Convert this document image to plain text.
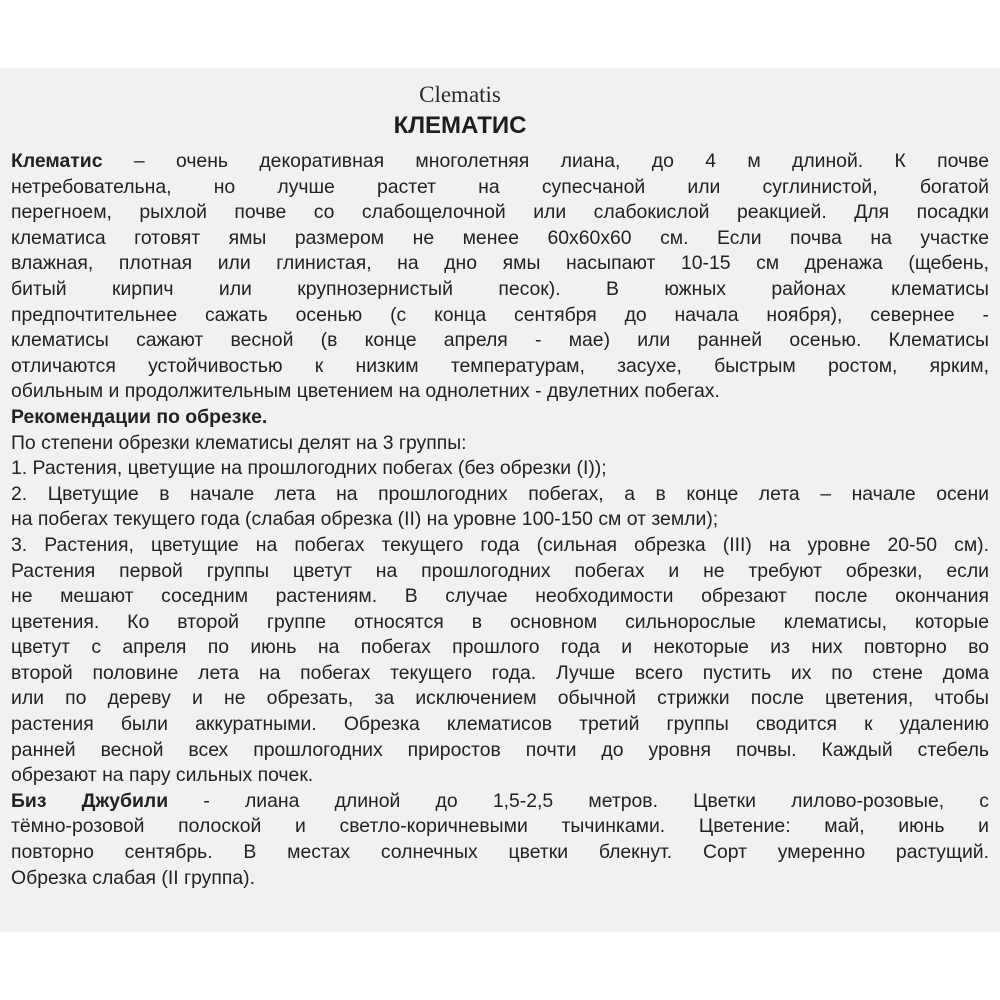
Clematis
КЛЕМАТИС
Клематис – очень декоративная многолетняя лиана, до 4 м длиной. К почве
нетребовательна, но лучше растет на супесчаной или суглинистой, богатой
перегноем, рыхлой почве со слабощелочной или слабокислой реакцией. Для посадки
клематиса готовят ямы размером не менее 60х60х60 см. Если почва на участке
влажная, плотная или глинистая, на дно ямы насыпают 10-15 см дренажа (щебень,
битый кирпич или крупнозернистый песок). В южных районах клематисы
предпочтительнее сажать осенью (с конца сентября до начала ноября), севернее -
клематисы сажают весной (в конце апреля - мае) или ранней осенью. Клематисы
отличаются устойчивостью к низким температурам, засухе, быстрым ростом, ярким,
обильным и продолжительным цветением на однолетних - двулетних побегах.
Рекомендации по обрезке.
По степени обрезки клематисы делят на 3 группы:
1. Растения, цветущие на прошлогодних побегах (без обрезки (I));
2. Цветущие в начале лета на прошлогодних побегах, а в конце лета – начале осени
на побегах текущего года (слабая обрезка (II) на уровне 100-150 см от земли);
3. Растения, цветущие на побегах текущего года (сильная обрезка (III) на уровне 20-50 см).
Растения первой группы цветут на прошлогодних побегах и не требуют обрезки, если
не мешают соседним растениям. В случае необходимости обрезают после окончания
цветения. Ко второй группе относятся в основном сильнорослые клематисы, которые
цветут с апреля по июнь на побегах прошлого года и некоторые из них повторно во
второй половине лета на побегах текущего года. Лучше всего пустить их по стене дома
или по дереву и не обрезать, за исключением обычной стрижки после цветения, чтобы
растения были аккуратными. Обрезка клематисов третий группы сводится к удалению
ранней весной всех прошлогодних приростов почти до уровня почвы. Каждый стебель
обрезают на пару сильных почек.
Биз Джубили - лиана длиной до 1,5-2,5 метров. Цветки лилово-розовые, с
тёмно-розовой полоской и светло-коричневыми тычинками. Цветение: май, июнь и
повторно сентябрь. В местах солнечных цветки блекнут. Сорт умеренно растущий.
Обрезка слабая (II группа).
